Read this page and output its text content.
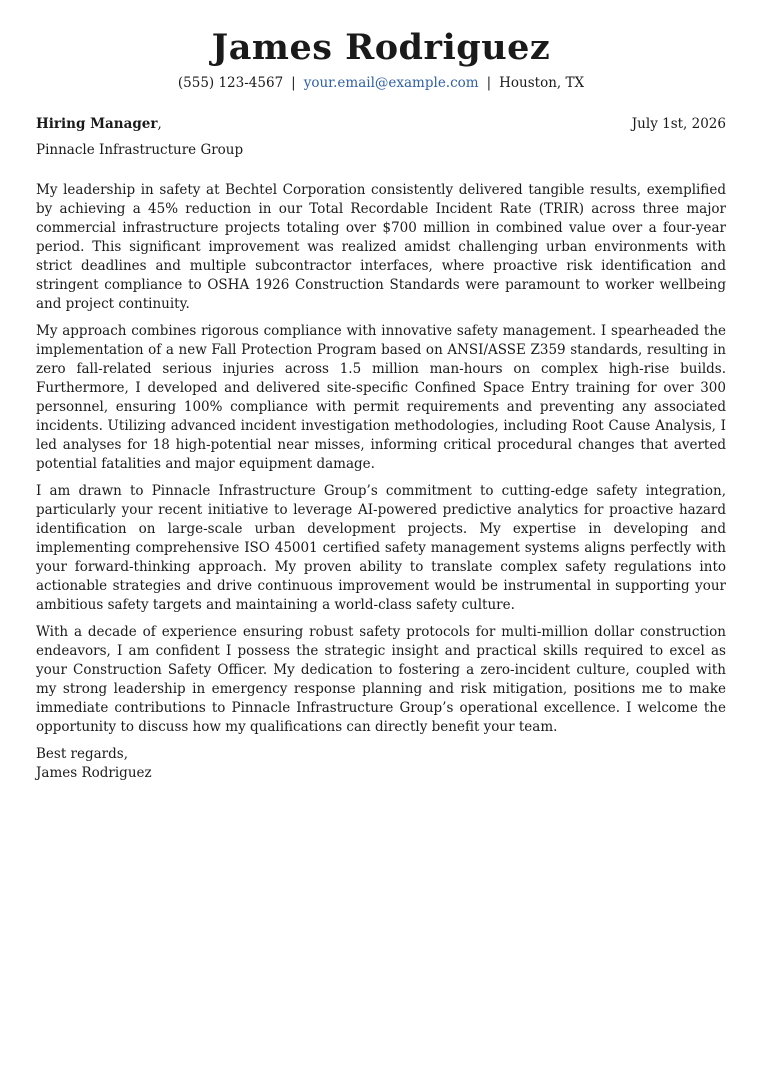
James Rodriguez
(555) 123-4567 | your.email@example.com | Houston, TX
Hiring Manager,	July 1st, 2026
Pinnacle Infrastructure Group

My leadership in safety at Bechtel Corporation consistently delivered tangible results, exemplified by achieving a 45% reduction in our Total Recordable Incident Rate (TRIR) across three major commercial infrastructure projects totaling over $700 million in combined value over a four-year period. This significant improvement was realized amidst challenging urban environments with strict deadlines and multiple subcontractor interfaces, where proactive risk identification and stringent compliance to OSHA 1926 Construction Standards were paramount to worker wellbeing and project continuity.

My approach combines rigorous compliance with innovative safety management. I spearheaded the implementation of a new Fall Protection Program based on ANSI/ASSE Z359 standards, resulting in zero fall-related serious injuries across 1.5 million man-hours on complex high-rise builds. Furthermore, I developed and delivered site-specific Confined Space Entry training for over 300 personnel, ensuring 100% compliance with permit requirements and preventing any associated incidents. Utilizing advanced incident investigation methodologies, including Root Cause Analysis, I led analyses for 18 high-potential near misses, informing critical procedural changes that averted potential fatalities and major equipment damage.

I am drawn to Pinnacle Infrastructure Group’s commitment to cutting-edge safety integration, particularly your recent initiative to leverage AI-powered predictive analytics for proactive hazard identification on large-scale urban development projects. My expertise in developing and implementing comprehensive ISO 45001 certified safety management systems aligns perfectly with your forward-thinking approach. My proven ability to translate complex safety regulations into actionable strategies and drive continuous improvement would be instrumental in supporting your ambitious safety targets and maintaining a world-class safety culture.

With a decade of experience ensuring robust safety protocols for multi-million dollar construction endeavors, I am confident I possess the strategic insight and practical skills required to excel as your Construction Safety Officer. My dedication to fostering a zero-incident culture, coupled with my strong leadership in emergency response planning and risk mitigation, positions me to make immediate contributions to Pinnacle Infrastructure Group’s operational excellence. I welcome the opportunity to discuss how my qualifications can directly benefit your team.

Best regards,
James Rodriguez
